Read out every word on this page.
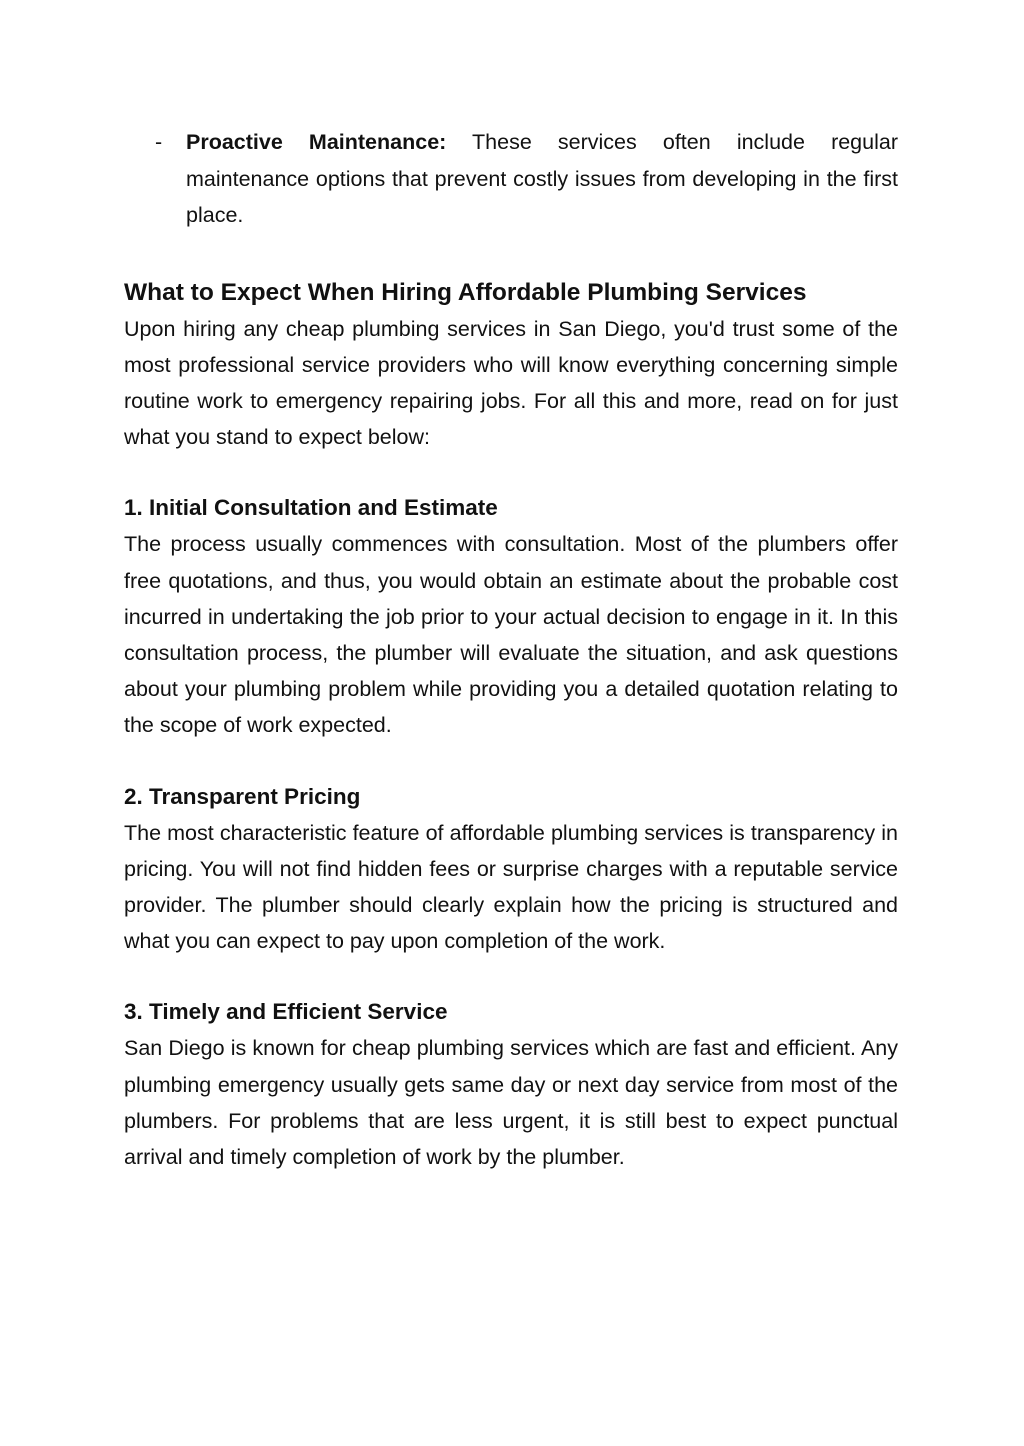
- Proactive Maintenance: These services often include regular maintenance options that prevent costly issues from developing in the first place.
What to Expect When Hiring Affordable Plumbing Services

Upon hiring any cheap plumbing services in San Diego, you'd trust some of the most professional service providers who will know everything concerning simple routine work to emergency repairing jobs. For all this and more, read on for just what you stand to expect below:

1. Initial Consultation and Estimate

The process usually commences with consultation. Most of the plumbers offer free quotations, and thus, you would obtain an estimate about the probable cost incurred in undertaking the job prior to your actual decision to engage in it. In this consultation process, the plumber will evaluate the situation, and ask questions about your plumbing problem while providing you a detailed quotation relating to the scope of work expected.

2. Transparent Pricing

The most characteristic feature of affordable plumbing services is transparency in pricing. You will not find hidden fees or surprise charges with a reputable service provider. The plumber should clearly explain how the pricing is structured and what you can expect to pay upon completion of the work.

3. Timely and Efficient Service

San Diego is known for cheap plumbing services which are fast and efficient. Any plumbing emergency usually gets same day or next day service from most of the plumbers. For problems that are less urgent, it is still best to expect punctual arrival and timely completion of work by the plumber.
